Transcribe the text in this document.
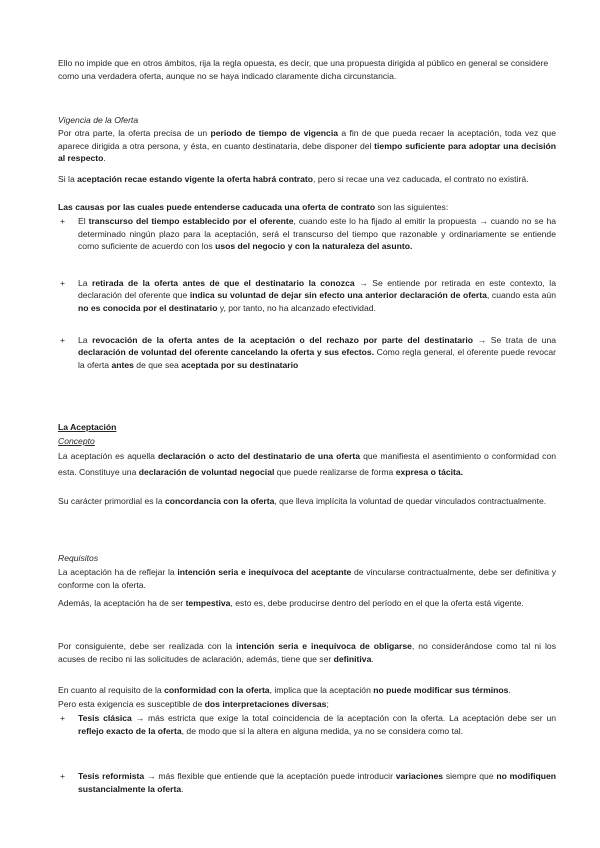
Ello no impide que en otros ámbitos, rija la regla opuesta, es decir, que una propuesta dirigida al público en general se considere como una verdadera oferta, aunque no se haya indicado claramente dicha circunstancia.

Vigencia de la Oferta

Por otra parte, la oferta precisa de un periodo de tiempo de vigencia a fin de que pueda recaer la aceptación, toda vez que aparece dirigida a otra persona, y ésta, en cuanto destinataria, debe disponer del tiempo suficiente para adoptar una decisión al respecto.

Si la aceptación recae estando vigente la oferta habrá contrato, pero si recae una vez caducada, el contrato no existirá.

Las causas por las cuales puede entenderse caducada una oferta de contrato son las siguientes:

+ El transcurso del tiempo establecido por el oferente, cuando este lo ha fijado al emitir la propuesta → cuando no se ha determinado ningún plazo para la aceptación, será el transcurso del tiempo que razonable y ordinariamente se entiende como suficiente de acuerdo con los usos del negocio y con la naturaleza del asunto.
+ La retirada de la oferta antes de que el destinatario la conozca → Se entiende por retirada en este contexto, la declaración del oferente que indica su voluntad de dejar sin efecto una anterior declaración de oferta, cuando esta aún no es conocida por el destinatario y, por tanto, no ha alcanzado efectividad.
+ La revocación de la oferta antes de la aceptación o del rechazo por parte del destinatario → Se trata de una declaración de voluntad del oferente cancelando la oferta y sus efectos. Como regla general, el oferente puede revocar la oferta antes de que sea aceptada por su destinatario

La Aceptación

Concepto

La aceptación es aquella declaración o acto del destinatario de una oferta que manifiesta el asentimiento o conformidad con esta. Constituye una declaración de voluntad negocial que puede realizarse de forma expresa o tácita.

Su carácter primordial es la concordancia con la oferta, que lleva implícita la voluntad de quedar vinculados contractualmente.

Requisitos

La aceptación ha de reflejar la intención seria e inequívoca del aceptante de vincularse contractualmente, debe ser definitiva y conforme con la oferta.

Además, la aceptación ha de ser tempestiva, esto es, debe producirse dentro del período en el que la oferta está vigente.

Por consiguiente, debe ser realizada con la intención seria e inequívoca de obligarse, no considerándose como tal ni los acuses de recibo ni las solicitudes de aclaración, además, tiene que ser definitiva.

En cuanto al requisito de la conformidad con la oferta, implica que la aceptación no puede modificar sus términos.

Pero esta exigencia es susceptible de dos interpretaciones diversas;

+ Tesis clásica → más estricta que exige la total coincidencia de la aceptación con la oferta. La aceptación debe ser un reflejo exacto de la oferta, de modo que si la altera en alguna medida, ya no se considera como tal.
+ Tesis reformista → más flexible que entiende que la aceptación puede introducir variaciones siempre que no modifiquen sustancialmente la oferta.
